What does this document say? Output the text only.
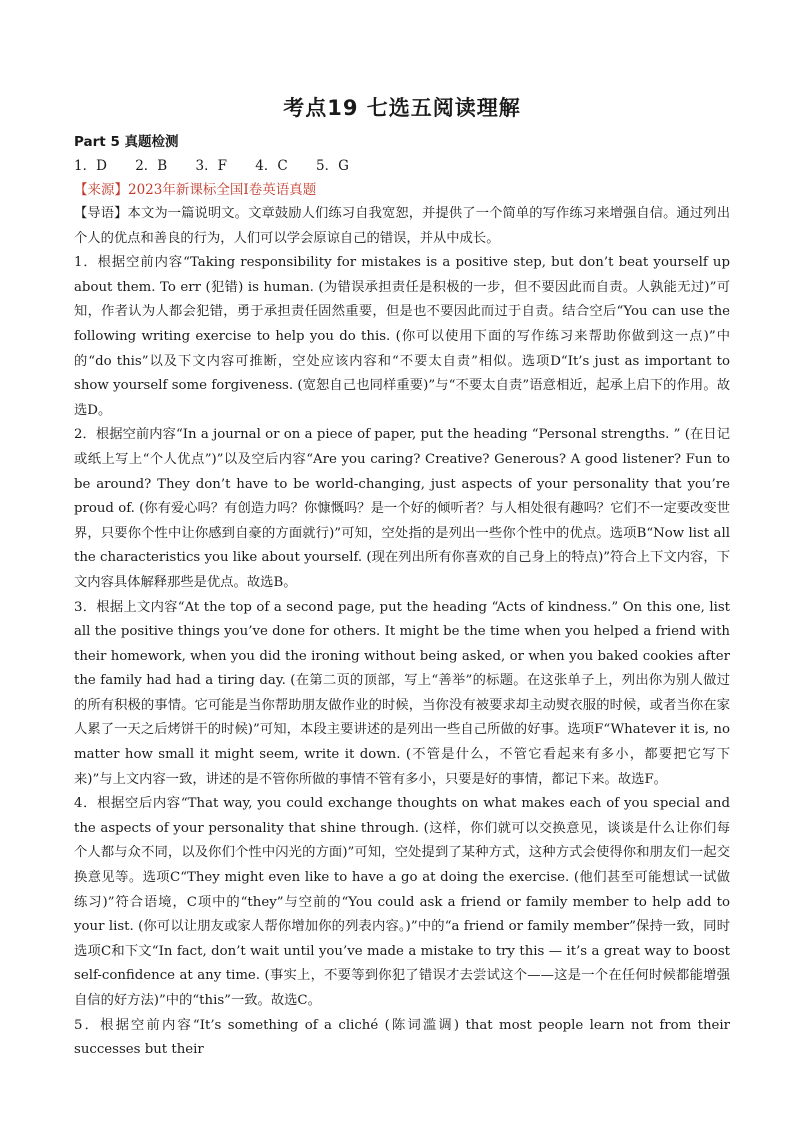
考点19 七选五阅读理解
Part 5 真题检测
1．D 2．B 3．F 4．C 5．G
【来源】2023年新课标全国Ⅰ卷英语真题

【导语】本文为一篇说明文。文章鼓励人们练习自我宽恕，并提供了一个简单的写作练习来增强自信。通过列出个人的优点和善良的行为，人们可以学会原谅自己的错误，并从中成长。

1．根据空前内容“Taking responsibility for mistakes is a positive step, but don’t beat yourself up about them. To err (犯错) is human. (为错误承担责任是积极的一步，但不要因此而自责。人孰能无过)”可知，作者认为人都会犯错，勇于承担责任固然重要，但是也不要因此而过于自责。结合空后“You can use the following writing exercise to help you do this. (你可以使用下面的写作练习来帮助你做到这一点)”中的“do this”以及下文内容可推断，空处应该内容和“不要太自责”相似。选项D“It’s just as important to show yourself some forgiveness. (宽恕自己也同样重要)”与“不要太自责”语意相近，起承上启下的作用。故选D。

2．根据空前内容“In a journal or on a piece of paper, put the heading “Personal strengths. ” (在日记或纸上写上“个人优点”)”以及空后内容“Are you caring? Creative? Generous? A good listener? Fun to be around? They don’t have to be world-changing, just aspects of your personality that you’re proud of. (你有爱心吗？有创造力吗？你慷慨吗？是一个好的倾听者？与人相处很有趣吗？它们不一定要改变世界，只要你个性中让你感到自豪的方面就行)”可知，空处指的是列出一些你个性中的优点。选项B“Now list all the characteristics you like about yourself. (现在列出所有你喜欢的自己身上的特点)”符合上下文内容，下文内容具体解释那些是优点。故选B。

3．根据上文内容“At the top of a second page, put the heading “Acts of kindness.” On this one, list all the positive things you’ve done for others. It might be the time when you helped a friend with their homework, when you did the ironing without being asked, or when you baked cookies after the family had had a tiring day. (在第二页的顶部，写上“善举”的标题。在这张单子上，列出你为别人做过的所有积极的事情。它可能是当你帮助朋友做作业的时候，当你没有被要求却主动熨衣服的时候，或者当你在家人累了一天之后烤饼干的时候)”可知，本段主要讲述的是列出一些自己所做的好事。选项F“Whatever it is, no matter how small it might seem, write it down. (不管是什么，不管它看起来有多小，都要把它写下来)”与上文内容一致，讲述的是不管你所做的事情不管有多小，只要是好的事情，都记下来。故选F。

4．根据空后内容“That way, you could exchange thoughts on what makes each of you special and the aspects of your personality that shine through. (这样，你们就可以交换意见，谈谈是什么让你们每个人都与众不同，以及你们个性中闪光的方面)”可知，空处提到了某种方式，这种方式会使得你和朋友们一起交换意见等。选项C“They might even like to have a go at doing the exercise. (他们甚至可能想试一试做练习)”符合语境，C项中的“they”与空前的“You could ask a friend or family member to help add to your list. (你可以让朋友或家人帮你增加你的列表内容。)”中的“a friend or family member”保持一致，同时选项C和下文“In fact, don’t wait until you’ve made a mistake to try this — it’s a great way to boost self-confidence at any time. (事实上，不要等到你犯了错误才去尝试这个——这是一个在任何时候都能增强自信的好方法)”中的“this”一致。故选C。

5．根据空前内容“It’s something of a cliché (陈词滥调) that most people learn not from their successes but their
